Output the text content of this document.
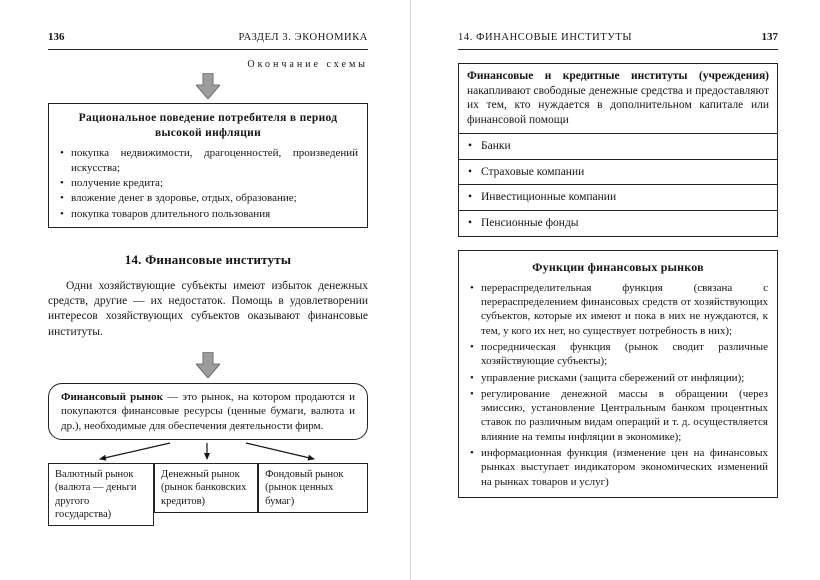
136	РАЗДЕЛ 3. ЭКОНОМИКА
Окончание схемы
Рациональное поведение потребителя в период высокой инфляции
• покупка недвижимости, драгоценностей, произведений искусства;
• получение кредита;
• вложение денег в здоровье, отдых, образование;
• покупка товаров длительного пользования
14. Финансовые институты

Одни хозяйствующие субъекты имеют избыток денежных средств, другие — их недостаток. Помощь в удовлетворении интересов хозяйствующих субъектов оказывают финансовые институты.

Финансовый рынок — это рынок, на котором продаются и покупаются финансовые ресурсы (ценные бумаги, валюта и др.), необходимые для обеспечения деятельности фирм.
Валютный рынок (валюта — деньги другого государства)
Денежный рынок (рынок банковских кредитов)
Фондовый рынок (рынок ценных бумаг)
14. ФИНАНСОВЫЕ ИНСТИТУТЫ	137
Финансовые и кредитные институты (учреждения) накапливают свободные денежные средства и предоставляют их тем, кто нуждается в дополнительном капитале или финансовой помощи
• Банки
• Страховые компании
• Инвестиционные компании
• Пенсионные фонды
Функции финансовых рынков
• перераспределительная функция (связана с перераспределением финансовых средств от хозяйствующих субъектов, которые их имеют и пока в них не нуждаются, к тем, у кого их нет, но существует потребность в них);
• посредническая функция (рынок сводит различные хозяйствующие субъекты);
• управление рисками (защита сбережений от инфляции);
• регулирование денежной массы в обращении (через эмиссию, установление Центральным банком процентных ставок по различным видам операций и т. д. осуществляется влияние на темпы инфляции в экономике);
• информационная функция (изменение цен на финансовых рынках выступает индикатором экономических изменений на рынках товаров и услуг)
